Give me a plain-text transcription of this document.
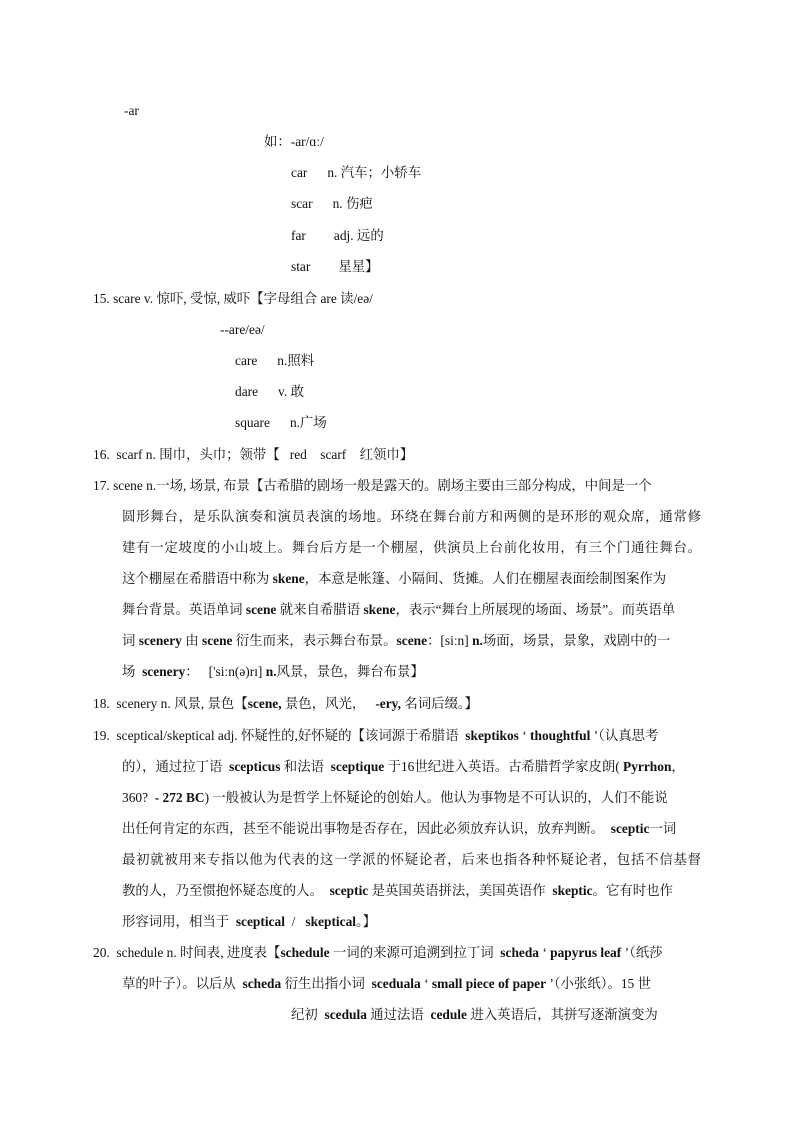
-ar
如：-ar/ɑː/
car n. 汽车；小轿车
scar n. 伤疤
far adj. 远的
star 星星】
15. scare v. 惊吓, 受惊, 威吓【字母组合 are 读/eə/
--are/eə/
care n.照料
dare v. 敢
square n.广场
16.  scarf n. 围巾，头巾；领带【   red    scarf    红领巾】
17. scene n.一场, 场景, 布景【古希腊的剧场一般是露天的。剧场主要由三部分构成，中间是一个
圆形舞台，是乐队演奏和演员表演的场地。环绕在舞台前方和两侧的是环形的观众席，通常修
建有一定坡度的小山坡上。舞台后方是一个棚屋，供演员上台前化妆用，有三个门通往舞台。
这个棚屋在希腊语中称为 skene，本意是帐篷、小隔间、货摊。人们在棚屋表面绘制图案作为
舞台背景。英语单词 scene 就来自希腊语 skene，表示“舞台上所展现的场面、场景”。而英语单
词 scenery 由 scene 衍生而来，表示舞台布景。scene：[siːn] n.场面，场景，景象，戏剧中的一
场 scenery：   ['siːn(ə)rɪ] n.风景，景色，舞台布景】
18.  scenery n. 风景, 景色【scene, 景色，风光，   -ery, 名词后缀。】
19.  sceptical/skeptical adj. 怀疑性的,好怀疑的【该词源于希腊语  skeptikos ‘ thoughtful ’（认真思考
的），通过拉丁语  scepticus 和法语  sceptique 于16世纪进入英语。古希腊哲学家皮朗( Pyrrhon，
360?  - 272 BC) 一般被认为是哲学上怀疑论的创始人。他认为事物是不可认识的，人们不能说
出任何肯定的东西，甚至不能说出事物是否存在，因此必须放弃认识，放弃判断。 sceptic一词
最初就被用来专指以他为代表的这一学派的怀疑论者，后来也指各种怀疑论者，包括不信基督
教的人，乃至惯抱怀疑态度的人。  sceptic 是英国英语拼法，美国英语作  skeptic。它有时也作
形容词用，相当于  sceptical  /   skeptical。】
20.  schedule n. 时间表, 进度表【schedule 一词的来源可追溯到拉丁词  scheda ‘ papyrus leaf ’（纸莎
草的叶子）。以后从  scheda 衍生出指小词  sceduala ‘ small piece of paper ’（小张纸）。15 世
纪初  scedula 通过法语  cedule 进入英语后，其拼写逐渐演变为
